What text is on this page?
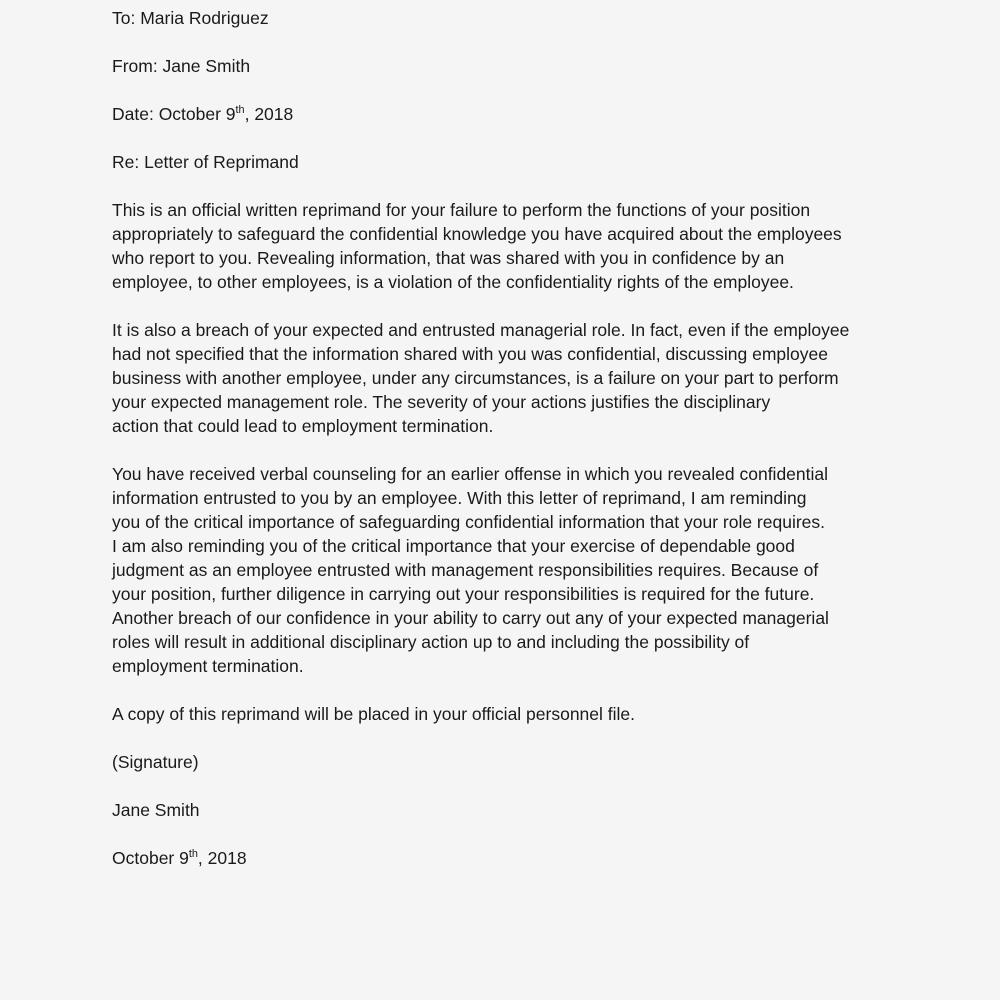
To: Maria Rodriguez

From: Jane Smith

Date: October 9th, 2018

Re: Letter of Reprimand

This is an official written reprimand for your failure to perform the functions of your position
appropriately to safeguard the confidential knowledge you have acquired about the employees
who report to you. Revealing information, that was shared with you in confidence by an
employee, to other employees, is a violation of the confidentiality rights of the employee.

It is also a breach of your expected and entrusted managerial role. In fact, even if the employee
had not specified that the information shared with you was confidential, discussing employee
business with another employee, under any circumstances, is a failure on your part to perform
your expected management role. The severity of your actions justifies the disciplinary
action that could lead to employment termination.

You have received verbal counseling for an earlier offense in which you revealed confidential
information entrusted to you by an employee. With this letter of reprimand, I am reminding
you of the critical importance of safeguarding confidential information that your role requires.
I am also reminding you of the critical importance that your exercise of dependable good
judgment as an employee entrusted with management responsibilities requires. Because of
your position, further diligence in carrying out your responsibilities is required for the future.
Another breach of our confidence in your ability to carry out any of your expected managerial
roles will result in additional disciplinary action up to and including the possibility of
employment termination.

A copy of this reprimand will be placed in your official personnel file.

(Signature)

Jane Smith

October 9th, 2018
